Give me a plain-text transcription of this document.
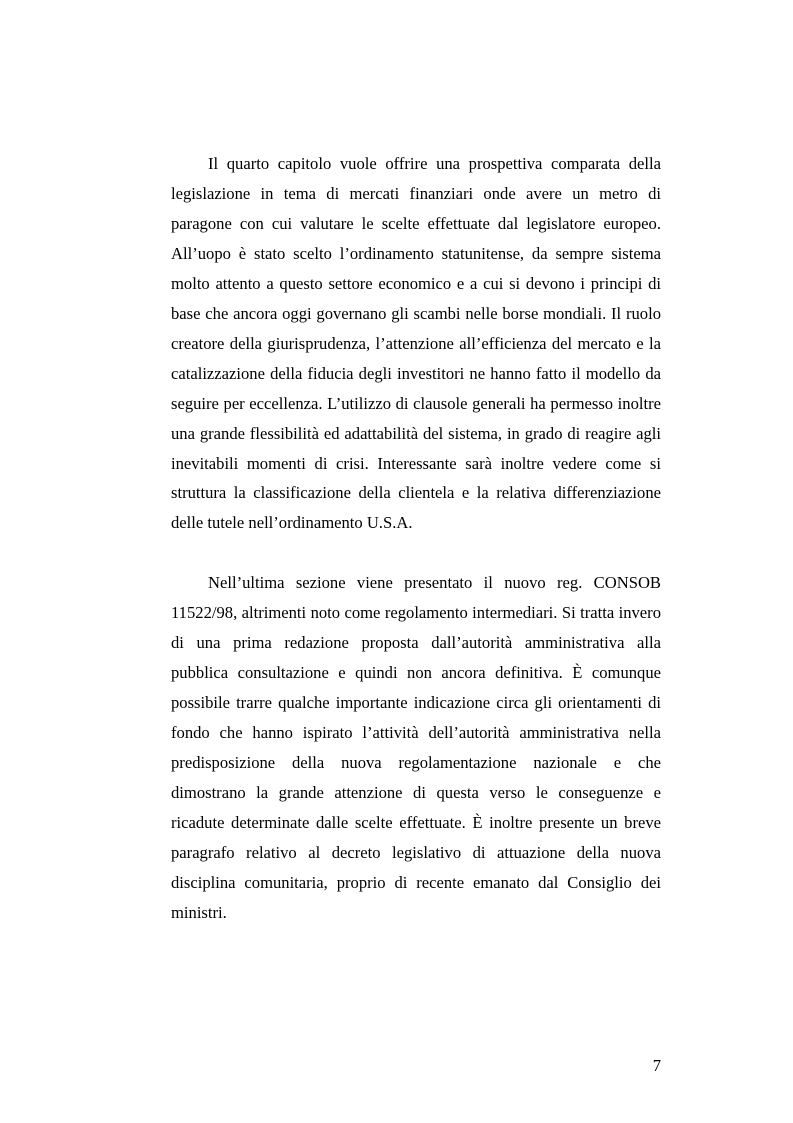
Il quarto capitolo vuole offrire una prospettiva comparata della legislazione in tema di mercati finanziari onde avere un metro di paragone con cui valutare le scelte effettuate dal legislatore europeo. All’uopo è stato scelto l’ordinamento statunitense, da sempre sistema molto attento a questo settore economico e a cui si devono i principi di base che ancora oggi governano gli scambi nelle borse mondiali. Il ruolo creatore della giurisprudenza, l’attenzione all’efficienza del mercato e la catalizzazione della fiducia degli investitori ne hanno fatto il modello da seguire per eccellenza. L’utilizzo di clausole generali ha permesso inoltre una grande flessibilità ed adattabilità del sistema, in grado di reagire agli inevitabili momenti di crisi. Interessante sarà inoltre vedere come si struttura la classificazione della clientela e la relativa differenziazione delle tutele nell’ordinamento U.S.A.

Nell’ultima sezione viene presentato il nuovo reg. CONSOB 11522/98, altrimenti noto come regolamento intermediari. Si tratta invero di una prima redazione proposta dall’autorità amministrativa alla pubblica consultazione e quindi non ancora definitiva. È comunque possibile trarre qualche importante indicazione circa gli orientamenti di fondo che hanno ispirato l’attività dell’autorità amministrativa nella predisposizione della nuova regolamentazione nazionale e che dimostrano la grande attenzione di questa verso le conseguenze e ricadute determinate dalle scelte effettuate. È inoltre presente un breve paragrafo relativo al decreto legislativo di attuazione della nuova disciplina comunitaria, proprio di recente emanato dal Consiglio dei ministri.

7
